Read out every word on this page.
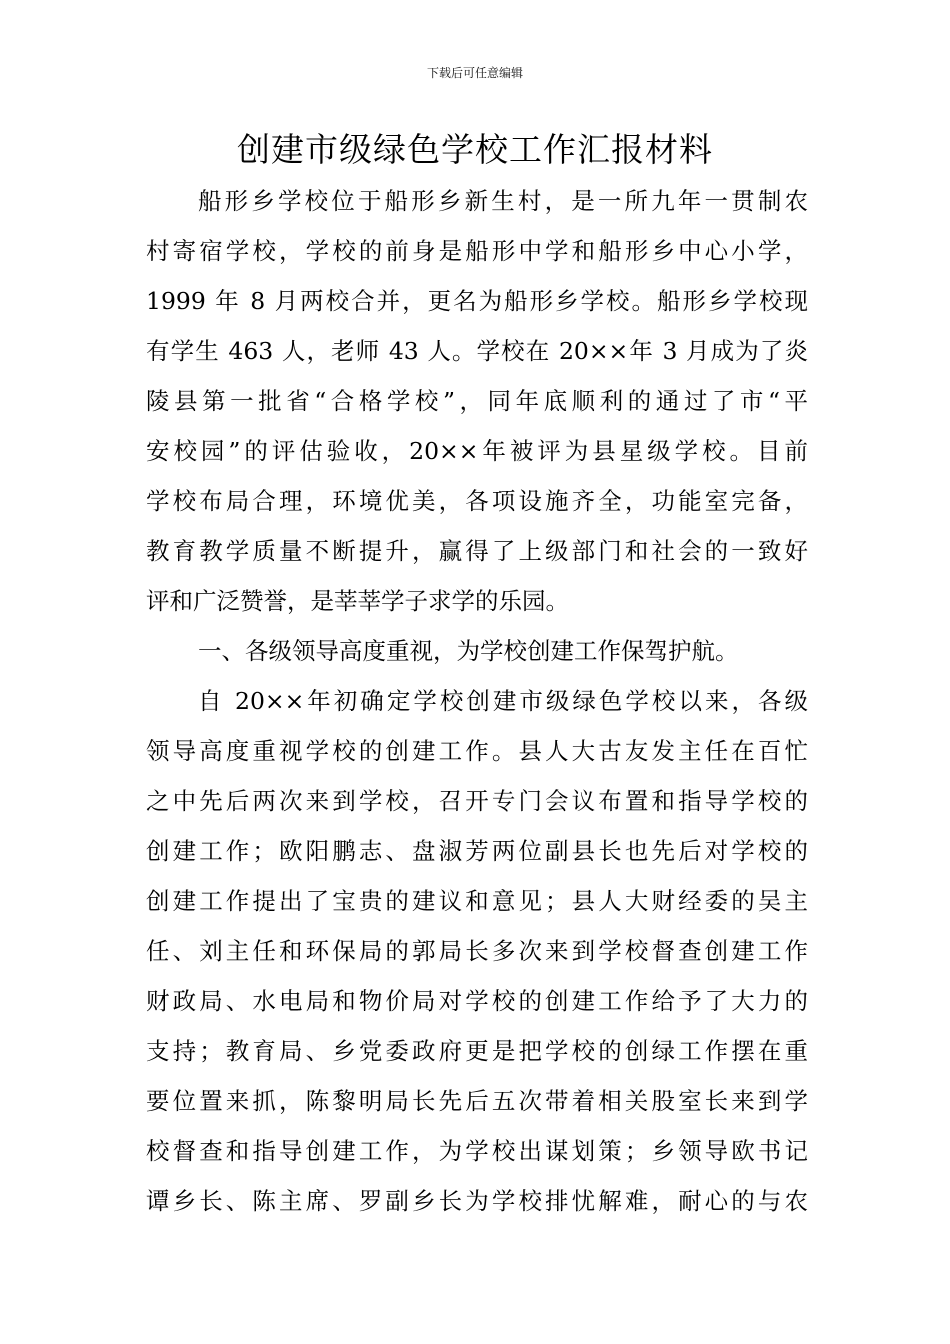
下载后可任意编辑
创建市级绿色学校工作汇报材料
船形乡学校位于船形乡新生村，是一所九年一贯制农
村寄宿学校，学校的前身是船形中学和船形乡中心小学，
1999 年 8 月两校合并，更名为船形乡学校。船形乡学校现
有学生 463 人，老师 43 人。学校在 20××年 3 月成为了炎
陵县第一批省“合格学校”，同年底顺利的通过了市“平
安校园”的评估验收，20××年被评为县星级学校。目前
学校布局合理，环境优美，各项设施齐全，功能室完备，
教育教学质量不断提升，赢得了上级部门和社会的一致好
评和广泛赞誉，是莘莘学子求学的乐园。
一、各级领导高度重视，为学校创建工作保驾护航。
自 20××年初确定学校创建市级绿色学校以来，各级
领导高度重视学校的创建工作。县人大古友发主任在百忙
之中先后两次来到学校，召开专门会议布置和指导学校的
创建工作；欧阳鹏志、盘淑芳两位副县长也先后对学校的
创建工作提出了宝贵的建议和意见；县人大财经委的吴主
任、刘主任和环保局的郭局长多次来到学校督查创建工作
财政局、水电局和物价局对学校的创建工作给予了大力的
支持；教育局、乡党委政府更是把学校的创绿工作摆在重
要位置来抓，陈黎明局长先后五次带着相关股室长来到学
校督查和指导创建工作，为学校出谋划策；乡领导欧书记
谭乡长、陈主席、罗副乡长为学校排忧解难，耐心的与农
